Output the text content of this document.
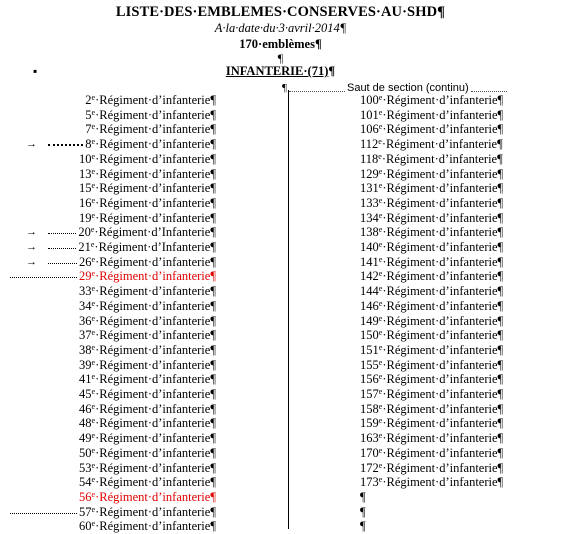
LISTE·DES·EMBLEMES·CONSERVES·AU·SHD¶
A·la·date·du·3·avril·2014¶
170·emblèmes¶
¶
▪	INFANTERIE·(71)¶
¶	Saut de section (continu)
$2^e\cdot Régiment\cdot d’infanterie\P$
$5^e\cdot Régiment\cdot d’infanterie\P$
$7^e\cdot Régiment\cdot d’infanterie\P$
$8^e\cdot Régiment\cdot d’infanterie\P$
$10^e\cdot Régiment\cdot d’infanterie\P$
$13^e\cdot Régiment\cdot d’infanterie\P$
$15^e\cdot Régiment\cdot d’infanterie\P$
$16^e\cdot Régiment\cdot d’infanterie\P$
$19^e\cdot Régiment\cdot d’infanterie\P$
$20^e\cdot Régiment\cdot d’Infanterie\P$
$21^e\cdot Régiment\cdot d’Infanterie\P$
$26^e\cdot Régiment\cdot d’infanterie\P$
$29^e\cdot Régiment\cdot d’infanterie\P$
$33^e\cdot Régiment\cdot d’infanterie\P$
$34^e\cdot Régiment\cdot d’infanterie\P$
$36^e\cdot Régiment\cdot d’infanterie\P$
$37^e\cdot Régiment\cdot d’infanterie\P$
$38^e\cdot Régiment\cdot d’infanterie\P$
$39^e\cdot Régiment\cdot d’infanterie\P$
$41^e\cdot Régiment\cdot d’infanterie\P$
$45^e\cdot Régiment\cdot d’infanterie\P$
$46^e\cdot Régiment\cdot d’infanterie\P$
$48^e\cdot Régiment\cdot d’infanterie\P$
$49^e\cdot Régiment\cdot d’infanterie\P$
$50^e\cdot Régiment\cdot d’infanterie\P$
$53^e\cdot Régiment\cdot d’infanterie\P$
$54^e\cdot Régiment\cdot d’infanterie\P$
$56^e\cdot Régiment\cdot d’infanterie\P$
$57^e\cdot Régiment\cdot d’infanterie\P$
$60^e\cdot Régiment\cdot d’infanterie\P$
$100^e\cdot Régiment\cdot d’infanterie\P$
$101^e\cdot Régiment\cdot d’infanterie\P$
$106^e\cdot Régiment\cdot d’infanterie\P$
$112^e\cdot Régiment\cdot d’infanterie\P$
$118^e\cdot Régiment\cdot d’infanterie\P$
$129^e\cdot Régiment\cdot d’infanterie\P$
$131^e\cdot Régiment\cdot d’infanterie\P$
$133^e\cdot Régiment\cdot d’infanterie\P$
$134^e\cdot Régiment\cdot d’infanterie\P$
$138^e\cdot Régiment\cdot d’infanterie\P$
$140^e\cdot Régiment\cdot d’infanterie\P$
$141^e\cdot Régiment\cdot d’infanterie\P$
$142^e\cdot Régiment\cdot d’infanterie\P$
$144^e\cdot Régiment\cdot d’infanterie\P$
$146^e\cdot Régiment\cdot d’infanterie\P$
$149^e\cdot Régiment\cdot d’infanterie\P$
$150^e\cdot Régiment\cdot d’infanterie\P$
$151^e\cdot Régiment\cdot d’infanterie\P$
$155^e\cdot Régiment\cdot d’infanterie\P$
$156^e\cdot Régiment\cdot d’infanterie\P$
$157^e\cdot Régiment\cdot d’infanterie\P$
$158^e\cdot Régiment\cdot d’infanterie\P$
$159^e\cdot Régiment\cdot d’infanterie\P$
$163^e\cdot Régiment\cdot d’infanterie\P$
$170^e\cdot Régiment\cdot d’infanterie\P$
$172^e\cdot Régiment\cdot d’infanterie\P$
$173^e\cdot Régiment\cdot d’infanterie\P$
¶
¶
¶
→
→
→
→
